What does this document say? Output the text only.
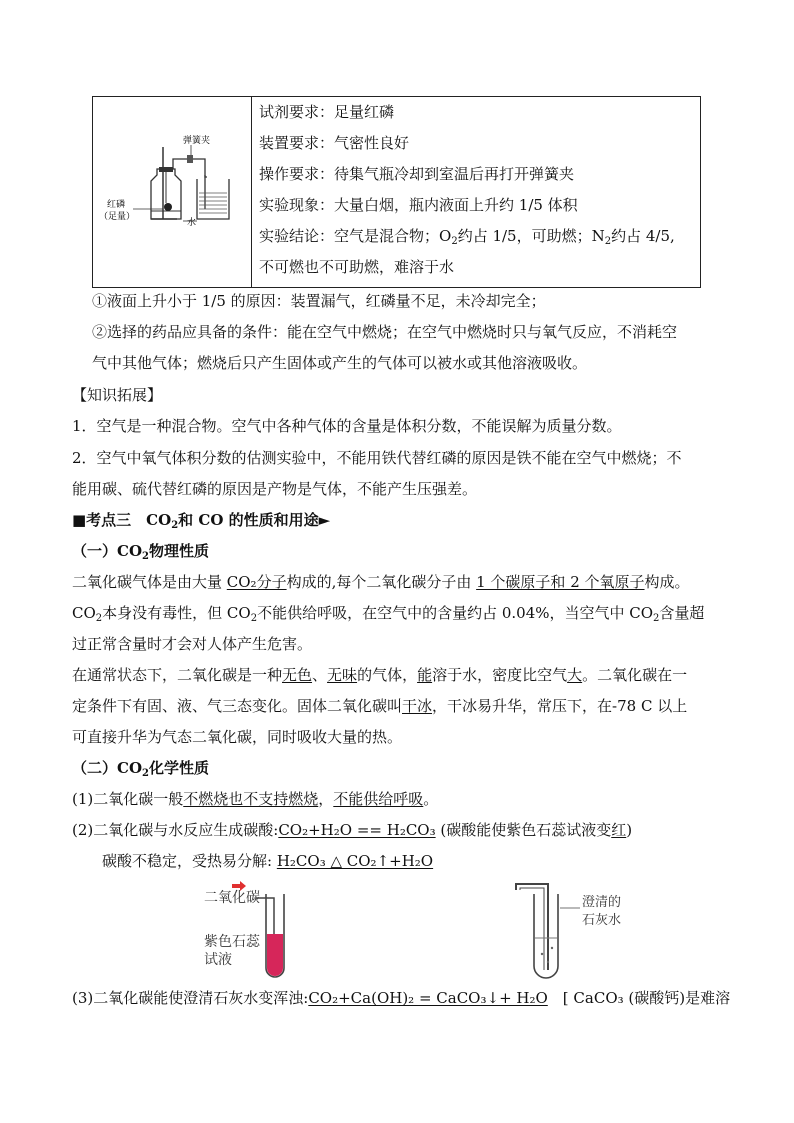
弹簧夹
红磷
（足量）
水

试剂要求：足量红磷
装置要求：气密性良好
操作要求：待集气瓶冷却到室温后再打开弹簧夹
实验现象：大量白烟，瓶内液面上升约 1/5 体积
实验结论：空气是混合物；$O_2$约占 1/5，可助燃；$N_2$约占 4/5,
不可燃也不可助燃，难溶于水
①液面上升小于 1/5 的原因：装置漏气，红磷量不足，未冷却完全；
②选择的药品应具备的条件：能在空气中燃烧；在空气中燃烧时只与氧气反应，不消耗空
气中其他气体；燃烧后只产生固体或产生的气体可以被水或其他溶液吸收。
【知识拓展】
1．空气是一种混合物。空气中各种气体的含量是体积分数，不能误解为质量分数。
2．空气中氧气体积分数的估测实验中，不能用铁代替红磷的原因是铁不能在空气中燃烧；不
能用碳、硫代替红磷的原因是产物是气体，不能产生压强差。
■考点三　$CO_2$和 CO 的性质和用途►
（一）$CO_2$物理性质
二氧化碳气体是由大量 CO₂分子构成的,每个二氧化碳分子由 1 个碳原子和 2 个氧原子构成。
$CO_2$本身没有毒性，但 $CO_2$不能供给呼吸，在空气中的含量约占 0.04%，当空气中 $CO_2$含量超
过正常含量时才会对人体产生危害。
在通常状态下，二氧化碳是一种无色、无味的气体，能溶于水，密度比空气大。二氧化碳在一
定条件下有固、液、气三态变化。固体二氧化碳叫干冰，干冰易升华，常压下，在-78 C 以上
可直接升华为气态二氧化碳，同时吸收大量的热。
（二）$CO_2$化学性质
(1)二氧化碳一般不燃烧也不支持燃烧，不能供给呼吸。
(2)二氧化碳与水反应生成碳酸:CO₂+H₂O == H₂CO₃ (碳酸能使紫色石蕊试液变红)
碳酸不稳定，受热易分解: H₂CO₃ △ CO₂↑+H₂O
二氧化碳
紫色石蕊
试液
澄清的
石灰水
(3)二氧化碳能使澄清石灰水变浑浊:CO₂+Ca(OH)₂ = CaCO₃↓+ H₂O　[ CaCO₃ (碳酸钙)是难溶
